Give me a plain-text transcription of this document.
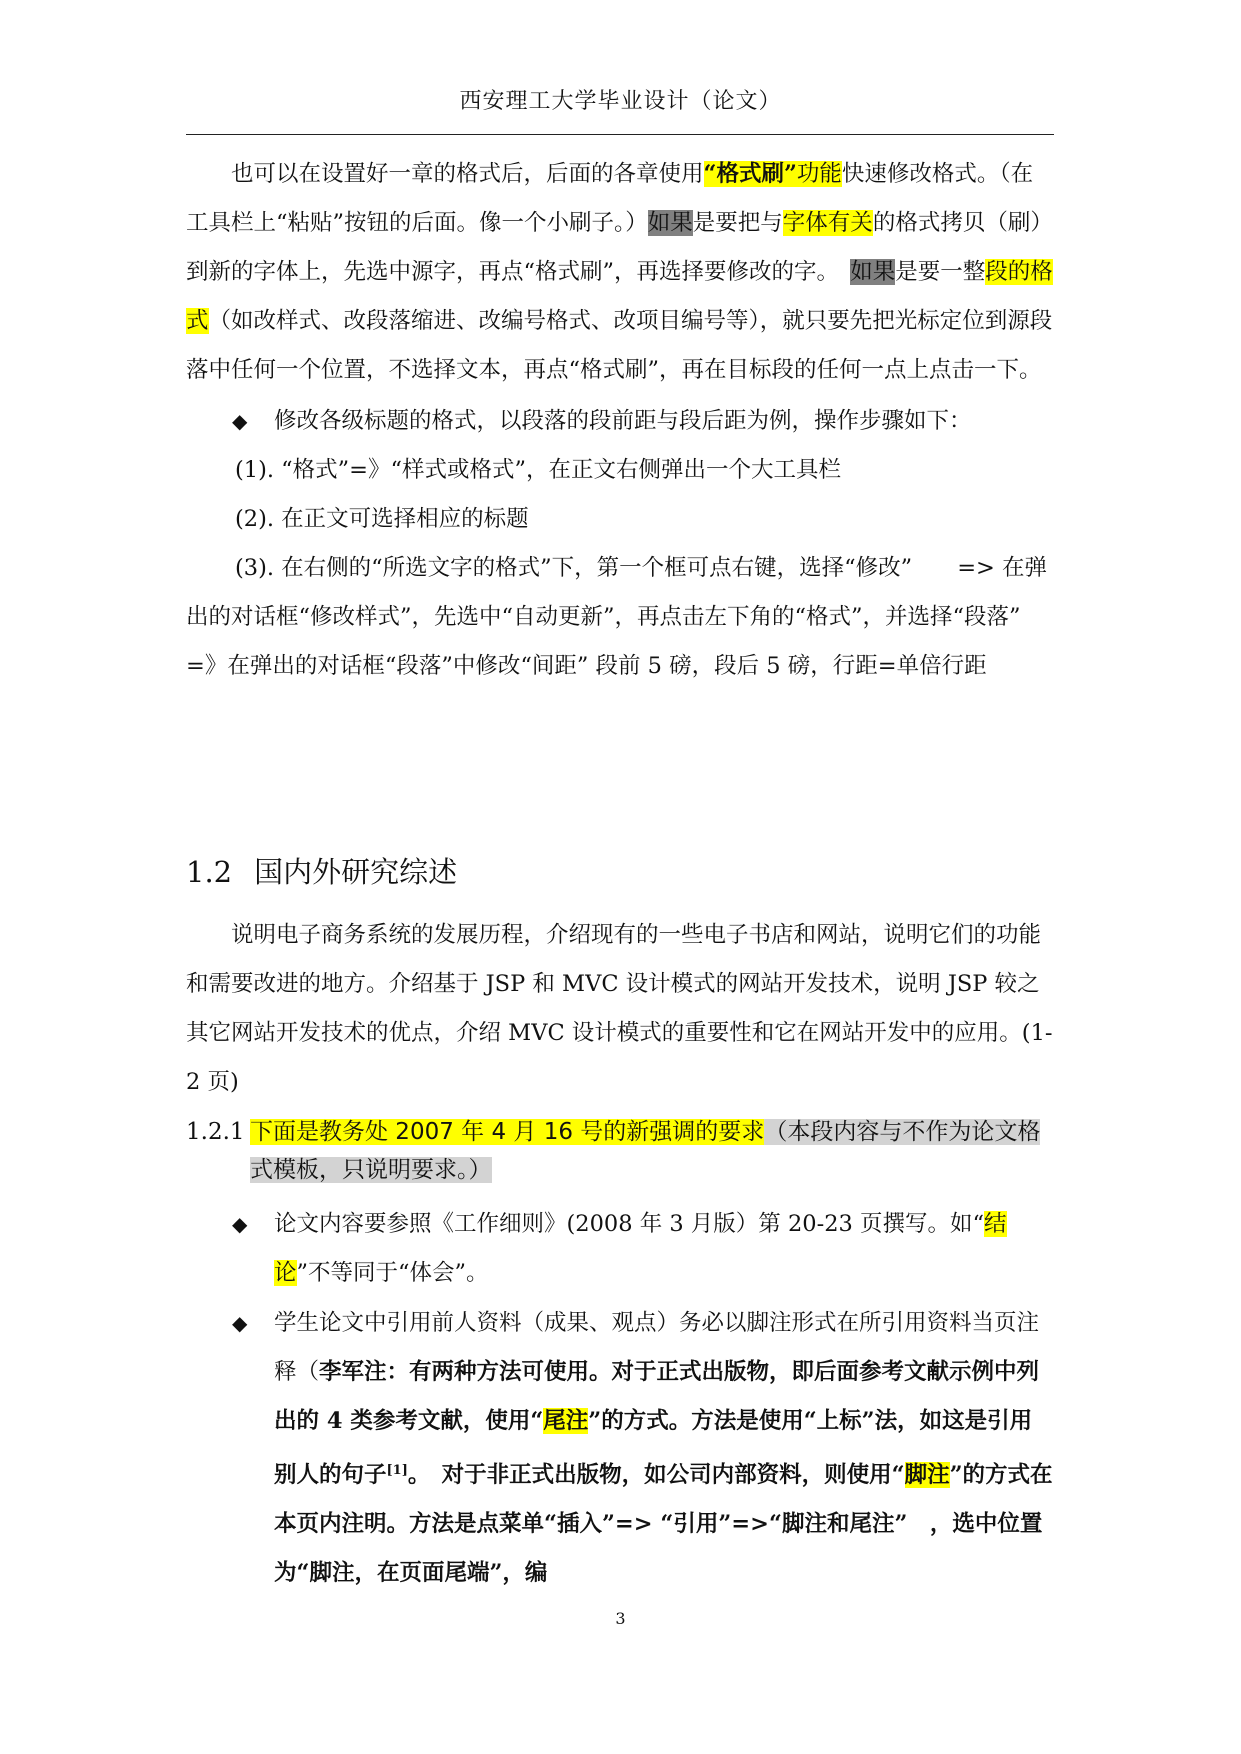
西安理工大学毕业设计（论文）

也可以在设置好一章的格式后，后面的各章使用“格式刷”功能快速修改格式。（在工具栏上“粘贴”按钮的后面。像一个小刷子。）如果是要把与字体有关的格式拷贝（刷）到新的字体上，先选中源字，再点“格式刷”，再选择要修改的字。　如果是要一整段的格式（如改样式、改段落缩进、改编号格式、改项目编号等），就只要先把光标定位到源段落中任何一个位置，不选择文本，再点“格式刷”，再在目标段的任何一点上点击一下。

◆ 修改各级标题的格式，以段落的段前距与段后距为例，操作步骤如下：

(1). “格式”=》“样式或格式”，在正文右侧弹出一个大工具栏

(2). 在正文可选择相应的标题

(3). 在右侧的“所选文字的格式”下，第一个框可点右键，选择“修改”　　=> 在弹出的对话框“修改样式”，先选中“自动更新”，再点击左下角的“格式”，并选择“段落”　=》在弹出的对话框“段落”中修改“间距” 段前 5 磅，段后 5 磅，行距=单倍行距

1.2 国内外研究综述

说明电子商务系统的发展历程，介绍现有的一些电子书店和网站，说明它们的功能和需要改进的地方。介绍基于 JSP 和 MVC 设计模式的网站开发技术，说明 JSP 较之其它网站开发技术的优点，介绍 MVC 设计模式的重要性和它在网站开发中的应用。(1-2 页)

1.2.1 下面是教务处 2007 年 4 月 16 号的新强调的要求（本段内容与不作为论文格式模板，只说明要求。）

◆ 论文内容要参照《工作细则》(2008 年 3 月版）第 20-23 页撰写。如“结论”不等同于“体会”。

◆ 学生论文中引用前人资料（成果、观点）务必以脚注形式在所引用资料当页注释（李军注：有两种方法可使用。对于正式出版物，即后面参考文献示例中列出的 4 类参考文献，使用“尾注”的方式。方法是使用“上标”法，如这是引用 别人的句子[1]。　对于非正式出版物，如公司内部资料，则使用“脚注”的方式在本页内注明。方法是点菜单“插入”=> “引用”=>“脚注和尾注”　，选中位置为“脚注，在页面尾端”，编

3
